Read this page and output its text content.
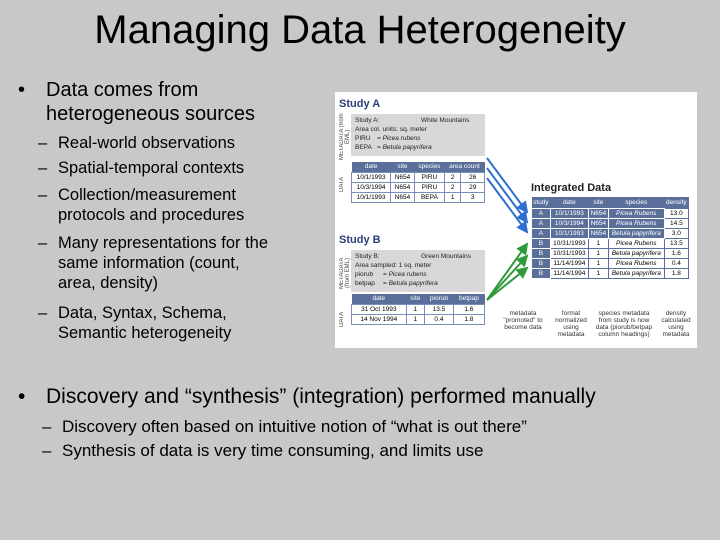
Managing Data Heterogeneity
• Data comes from
heterogeneous sources
– Real-world observations
– Spatial-temporal contexts
– Collection/measurement
protocols and procedures
– Many representations for the
same information (count,
area, density)
– Data, Syntax, Schema,
Semantic heterogeneity
Study A
METADATA (from EML)
Study A:	White Mountains
Area col. units: sq. meter
PIRU = Picea rubens
BEPA = Betula papyrifera
DATA
date	site	species	area count	
10/1/1993	N654	PIRU	2	26
10/3/1994	N654	PIRU	2	29
10/1/1993	N654	BEPA	1	3
Study B
METADATA (from EML)
Study B:	Green Mountains
Area sampled: 1 sq. meter
piorub = Picea rubens
betpap = Betula papyrifera
DATA
date	site	piorub	betpap
31 Oct 1993	1	13.5	1.6
14 Nov 1994	1	0.4	1.8
Integrated Data
study	date	site	species	density
A	10/1/1993	N654	Picea Rubens	13.0
A	10/3/1994	N654	Picea Rubens	14.5
A	10/1/1993	N654	Betula papyrifera	3.0
B	10/31/1993	1	Picea Rubens	13.5
B	10/31/1993	1	Betula papyrifera	1.6
B	11/14/1994	1	Picea Rubens	0.4
B	11/14/1994	1	Betula papyrifera	1.8
metadata "promoted" to become data
format normalized using metadata
species metadata from study is now data (piorub/betpap column headings)
density calculated using metadata
• Discovery and “synthesis” (integration) performed manually
– Discovery often based on intuitive notion of “what is out there”
– Synthesis of data is very time consuming, and limits use
